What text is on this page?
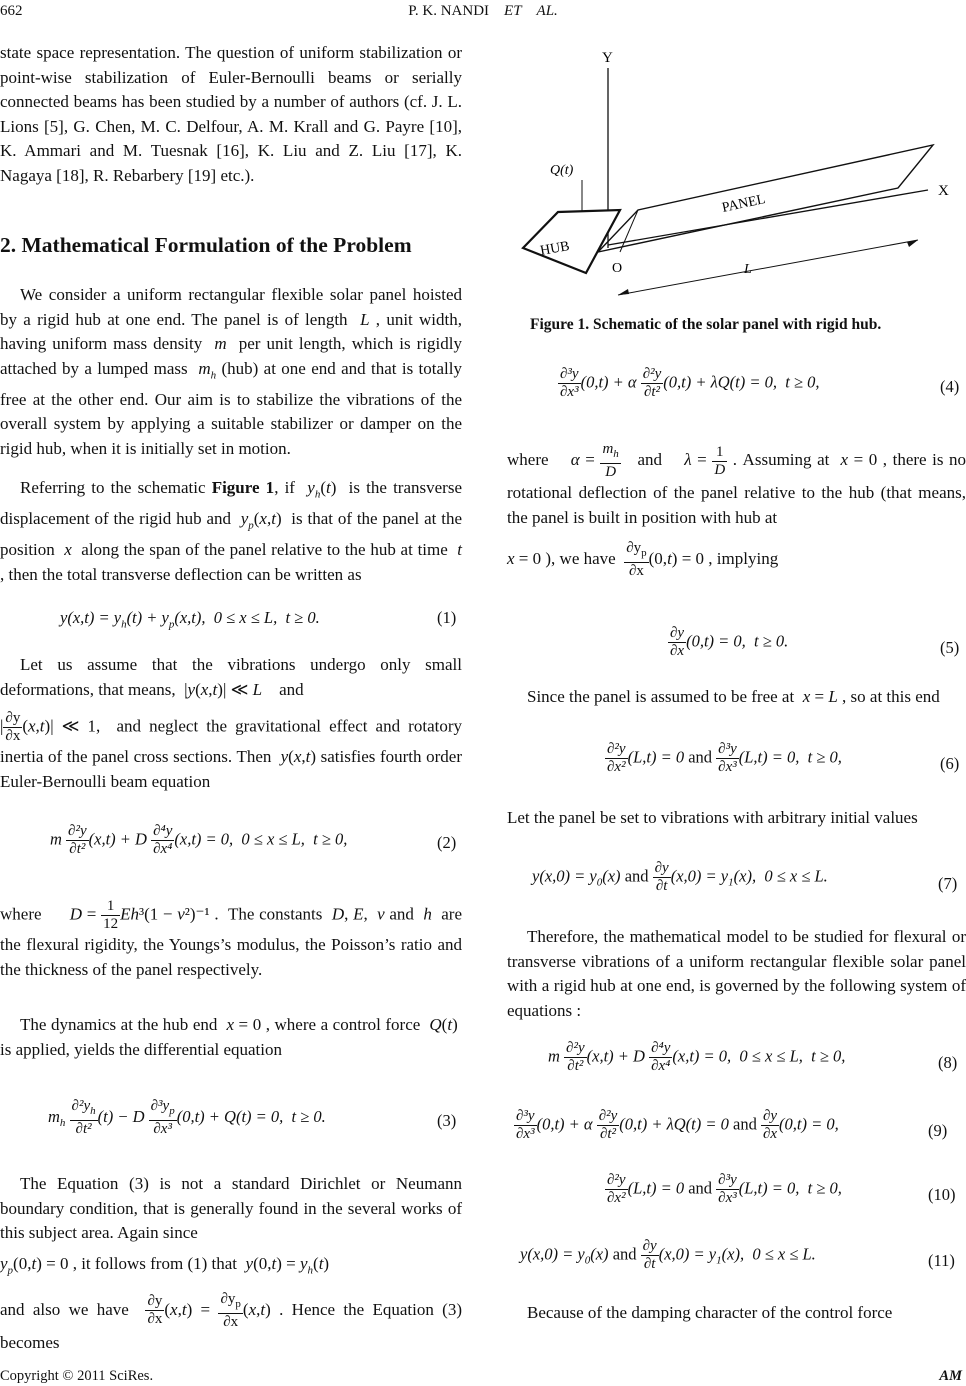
662	P. K. NANDI    ET AL.
state space representation. The question of uniform stabilization or point-wise stabilization of Euler-Bernoulli beams or serially connected beams has been studied by a number of authors (cf. J. L. Lions [5], G. Chen, M. C. Delfour, A. M. Krall and G. Payre [10], K. Ammari and M. Tuesnak [16], K. Liu and Z. Liu [17], K. Nagaya [18], R. Rebarbery [19] etc.).
2. Mathematical Formulation of the Problem

We consider a uniform rectangular flexible solar panel hoisted by a rigid hub at one end. The panel is of length  L , unit width, having uniform mass density  m  per unit length, which is rigidly attached by a lumped mass  $m_h$ (hub) at one end and that is totally free at the other end. Our aim is to stabilize the vibrations of the overall system by applying a suitable stabilizer or damper on the rigid hub, when it is initially set in motion.

Referring to the schematic Figure 1, if  $y_h(t)$  is the transverse displacement of the rigid hub and  $y_p(x,t)$  is that of the panel at the position  x  along the span of the panel relative to the hub at time  t , then the total transverse deflection can be written as

$y(x,t) = y_h(t) + y_p(x,t)$,  0 ≤ x ≤ L,  t ≥ 0.	(1)

Let us assume that the vibrations undergo only small deformations, that means,  |y(x,t)| ≪ L    and

| $\frac{\partial y}{\partial x} (x,t)|$ ≪ 1,  and neglect the gravitational effect and rotatory inertia of the panel cross sections. Then  y(x,t) satisfies fourth order Euler-Bernoulli beam equation

m $\frac{\text{∂²y}}{\text{∂t²}} (x,t) + D \frac{\text{∂⁴y}}{\text{∂x⁴}} (x,t) = 0$,  0 ≤ x ≤ L,  t ≥ 0,	(2)

where      $D = \frac{1}{12} Eh^3(1 - \nu^2)^{-1}$ .  The constants  D, E,  ν and  h  are the flexural rigidity, the Youngs’s modulus, the Poisson’s ratio and the thickness of the panel respectively.

The dynamics at the hub end  x = 0 , where a control force  Q(t)  is applied, yields the differential equation

$m_h \frac{\partial^2y_h}{\text{∂t²}} (t) - D \frac{\partial^3y_p}{\text{∂x³}} (0,t) + Q(t) = 0$,  t ≥ 0.	(3)

The Equation (3) is not a standard Dirichlet or Neumann boundary condition, that is generally found in the several works of this subject area. Again since

$y_p(0,t) = 0$ , it follows from (1) that  $y(0,t) = y_h(t)$

and also we have $\frac{\partial y}{\partial x} (x,t) = \frac{\partial y_p}{\partial x} (x,t)$ . Hence the Equation (3) becomes

Y
X
Q(t)
PANEL
HUB
O	L
Figure 1. Schematic of the solar panel with rigid hub.
$\frac{\text{∂³y}}{\text{∂x³}} (0,t) + \alpha \frac{\text{∂²y}}{\text{∂t²}} (0,t) + \lambda Q(t) = 0$,  t ≥ 0,	(4)

where    $\alpha = \frac{m_h}{D}$ and    $\lambda = \frac{1}{D}$ . Assuming at  x = 0 , there is no rotational deflection of the panel relative to the hub (that means, the panel is built in position with hub at

x = 0 ), we have $\frac{\partial y_p}{\partial x} (0,t) = 0$ , implying

$\frac{\partial y}{\partial x} (0,t) = 0$,  t ≥ 0.	(5)

Since the panel is assumed to be free at  x = L , so at this end

$\frac{\text{∂²y}}{\text{∂x²}} (L,t) = 0$ and $\frac{\text{∂³y}}{\text{∂x³}} (L,t) = 0$,  t ≥ 0,	(6)
Let the panel be set to vibrations with arbitrary initial values
$y(x,0) = y_0(x)$ and $\frac{\partial y}{\partial t} (x,0) = y_1(x)$,  0 ≤ x ≤ L.	(7)

Therefore, the mathematical model to be studied for flexural or transverse vibrations of a uniform rectangular flexible solar panel with a rigid hub at one end, is governed by the following system of equations :

m $\frac{\text{∂²y}}{\text{∂t²}} (x,t) + D \frac{\text{∂⁴y}}{\text{∂x⁴}} (x,t) = 0$,  0 ≤ x ≤ L,  t ≥ 0,	(8)
$\frac{\text{∂³y}}{\text{∂x³}} (0,t) + \alpha \frac{\text{∂²y}}{\text{∂t²}} (0,t) + \lambda Q(t) = 0$ and $\frac{\partial y}{\partial x} (0,t) = 0$,	(9)
$\frac{\text{∂²y}}{\text{∂x²}} (L,t) = 0$ and $\frac{\text{∂³y}}{\text{∂x³}} (L,t) = 0$,  t ≥ 0,	(10)
$y(x,0) = y_0(x)$ and $\frac{\partial y}{\partial t} (x,0) = y_1(x)$,  0 ≤ x ≤ L.	(11)

Because of the damping character of the control force

Copyright © 2011 SciRes.	AM
